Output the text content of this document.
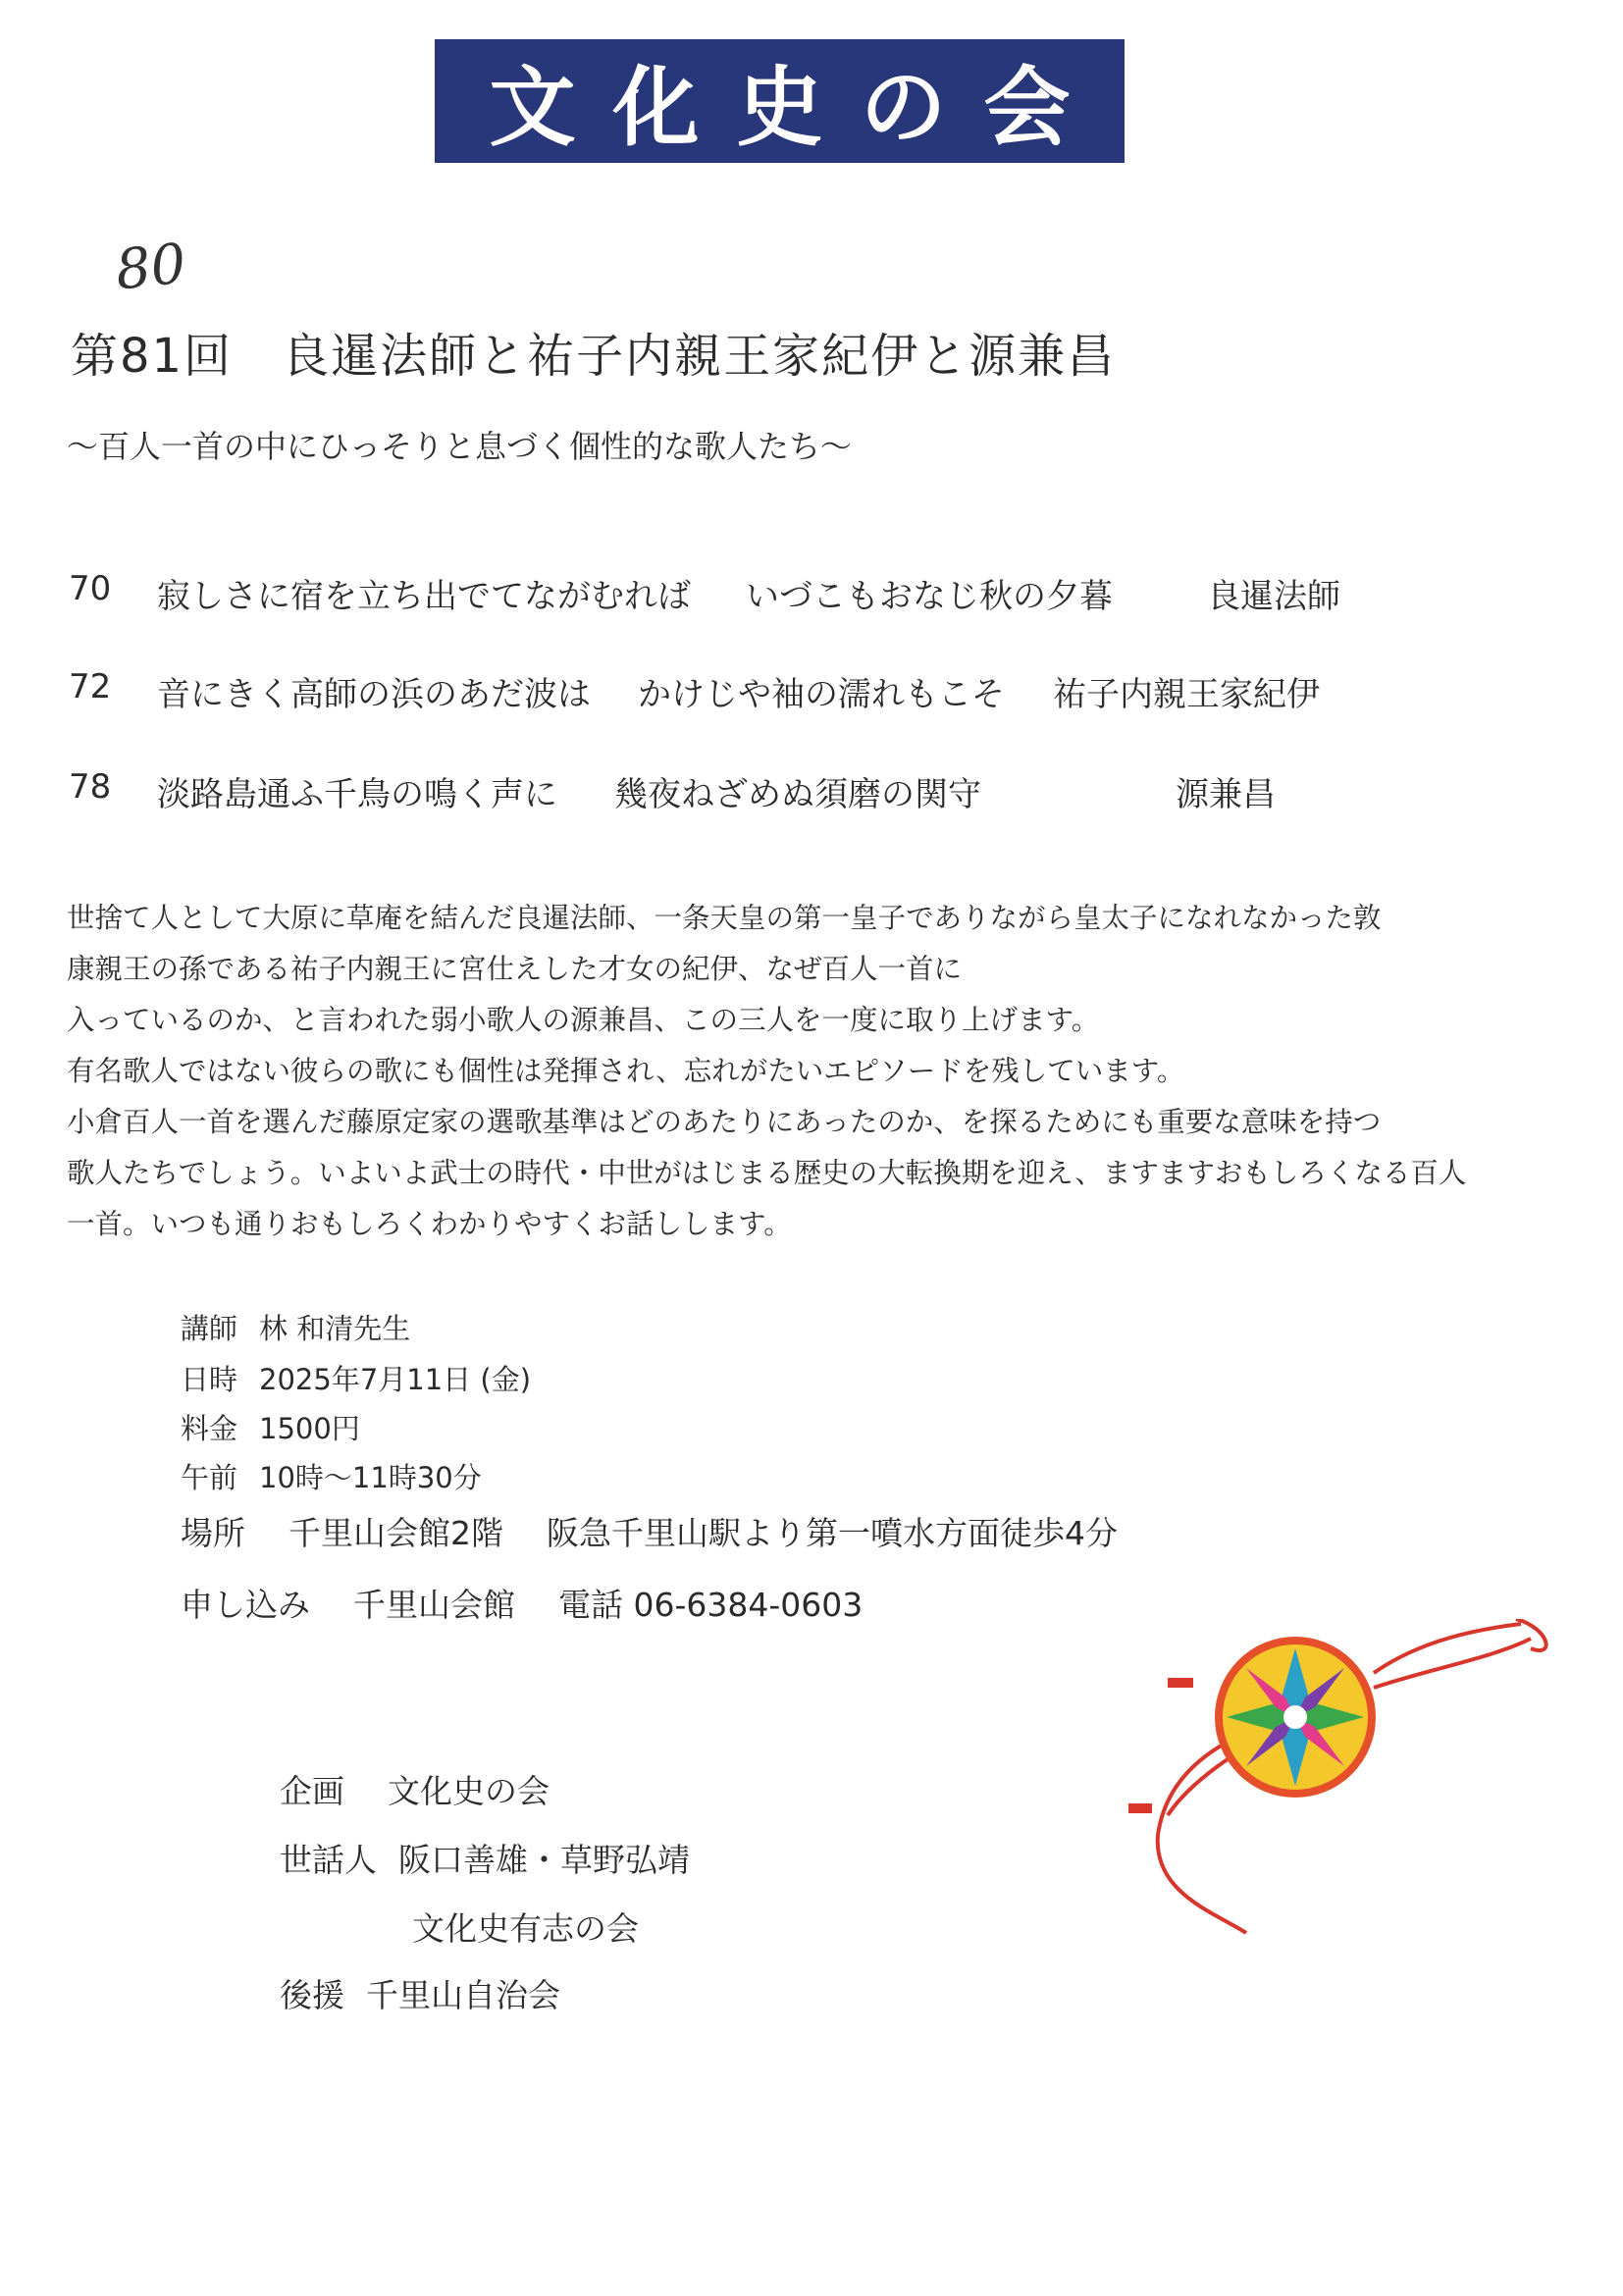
文化史の会
80
第81回 良暹法師と祐子内親王家紀伊と源兼昌
～百人一首の中にひっそりと息づく個性的な歌人たち～
70 寂しさに宿を立ち出でてながむれば いづこもおなじ秋の夕暮	良暹法師
72 音にきく高師の浜のあだ波は かけじや袖の濡れもこそ 祐子内親王家紀伊
78 淡路島通ふ千鳥の鳴く声に 幾夜ねざめぬ須磨の関守	源兼昌

世捨て人として大原に草庵を結んだ良暹法師、一条天皇の第一皇子でありながら皇太子になれなかった敦

康親王の孫である祐子内親王に宮仕えした才女の紀伊、なぜ百人一首に

入っているのか、と言われた弱小歌人の源兼昌、この三人を一度に取り上げます。

有名歌人ではない彼らの歌にも個性は発揮され、忘れがたいエピソードを残しています。

小倉百人一首を選んだ藤原定家の選歌基準はどのあたりにあったのか、を探るためにも重要な意味を持つ

歌人たちでしょう。いよいよ武士の時代・中世がはじまる歴史の大転換期を迎え、ますますおもしろくなる百人

一首。いつも通りおもしろくわかりやすくお話しします。

講師 林 和清先生
日時 2025年7月11日 (金)
料金 1500円
午前 10時～11時30分
場所 千里山会館2階 阪急千里山駅より第一噴水方面徒歩4分
申し込み 千里山会館 電話 06-6384-0603
企画 文化史の会
世話人 阪口善雄・草野弘靖
文化史有志の会
後援 千里山自治会
